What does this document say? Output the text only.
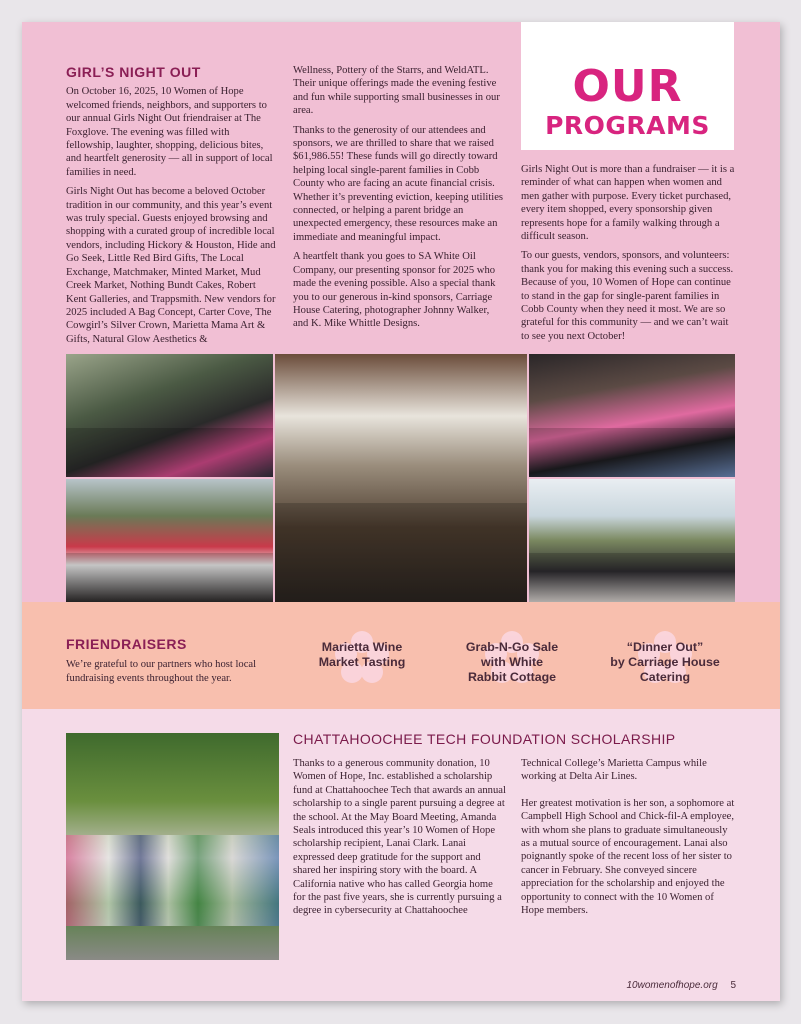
GIRL’S NIGHT OUT

On October 16, 2025, 10 Women of Hope welcomed friends, neighbors, and supporters to our annual Girls Night Out friendraiser at The Foxglove. The evening was filled with fellowship, laughter, shopping, delicious bites, and heartfelt generosity — all in support of local families in need.

Girls Night Out has become a beloved October tradition in our community, and this year’s event was truly special. Guests enjoyed browsing and shopping with a curated group of incredible local vendors, including Hickory & Houston, Hide and Go Seek, Little Red Bird Gifts, The Local Exchange, Matchmaker, Minted Market, Mud Creek Market, Nothing Bundt Cakes, Robert Kent Galleries, and Trappsmith. New vendors for 2025 included A Bag Concept, Carter Cove, The Cowgirl’s Silver Crown, Marietta Mama Art & Gifts, Natural Glow Aesthetics &

Wellness, Pottery of the Starrs, and WeldATL. Their unique offerings made the evening festive and fun while supporting small businesses in our area.

Thanks to the generosity of our attendees and sponsors, we are thrilled to share that we raised $61,986.55! These funds will go directly toward helping local single-parent families in Cobb County who are facing an acute financial crisis. Whether it’s preventing eviction, keeping utilities connected, or helping a parent bridge an unexpected emergency, these resources make an immediate and meaningful impact.

A heartfelt thank you goes to SA White Oil Company, our presenting sponsor for 2025 who made the evening possible. Also a special thank you to our generous in-kind sponsors, Carriage House Catering, photographer Johnny Walker, and K. Mike Whittle Designs.

OUR
PROGRAMS

Girls Night Out is more than a fundraiser — it is a reminder of what can happen when women and men gather with purpose. Every ticket purchased, every item shopped, every sponsorship given represents hope for a family walking through a difficult season.

To our guests, vendors, sponsors, and volunteers: thank you for making this evening such a success. Because of you, 10 Women of Hope can continue to stand in the gap for single-parent families in Cobb County when they need it most. We are so grateful for this community — and we can’t wait to see you next October!

FRIENDRAISERS
We’re grateful to our partners who host local fundraising events throughout the year.
Marietta Wine
Market Tasting
Grab-N-Go Sale
with White
Rabbit Cottage
“Dinner Out”
by Carriage House
Catering
CHATTAHOOCHEE TECH FOUNDATION SCHOLARSHIP

Thanks to a generous community donation, 10 Women of Hope, Inc. established a scholarship fund at Chattahoochee Tech that awards an annual scholarship to a single parent pursuing a degree at the school. At the May Board Meeting, Amanda Seals introduced this year’s 10 Women of Hope scholarship recipient, Lanai Clark. Lanai expressed deep gratitude for the support and shared her inspiring story with the board. A California native who has called Georgia home for the past five years, she is currently pursuing a degree in cybersecurity at Chattahoochee

Technical College’s Marietta Campus while working at Delta Air Lines.

Her greatest motivation is her son, a sophomore at Campbell High School and Chick-fil-A employee, with whom she plans to graduate simultaneously as a mutual source of encouragement. Lanai also poignantly spoke of the recent loss of her sister to cancer in February. She conveyed sincere appreciation for the scholarship and enjoyed the opportunity to connect with the 10 Women of Hope members.

10womenofhope.org 5
